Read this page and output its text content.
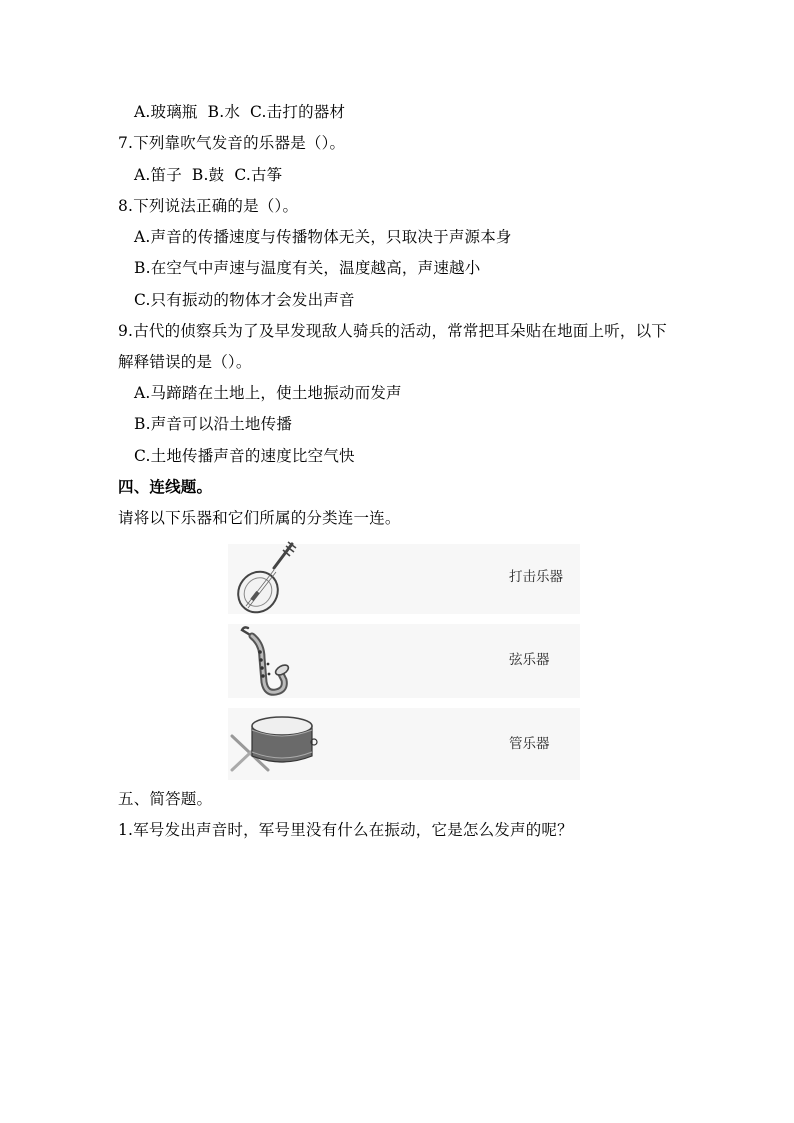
A.玻璃瓶 B.水 C.击打的器材
7.下列靠吹气发音的乐器是（）。
A.笛子 B.鼓 C.古筝
8.下列说法正确的是（）。
A.声音的传播速度与传播物体无关，只取决于声源本身
B.在空气中声速与温度有关，温度越高，声速越小
C.只有振动的物体才会发出声音
9.古代的侦察兵为了及早发现敌人骑兵的活动，常常把耳朵贴在地面上听，以下
解释错误的是（）。
A.马蹄踏在土地上，使土地振动而发声
B.声音可以沿土地传播
C.土地传播声音的速度比空气快
四、连线题。
请将以下乐器和它们所属的分类连一连。
打击乐器
弦乐器
管乐器
五、简答题。
1.军号发出声音时，军号里没有什么在振动，它是怎么发声的呢？
